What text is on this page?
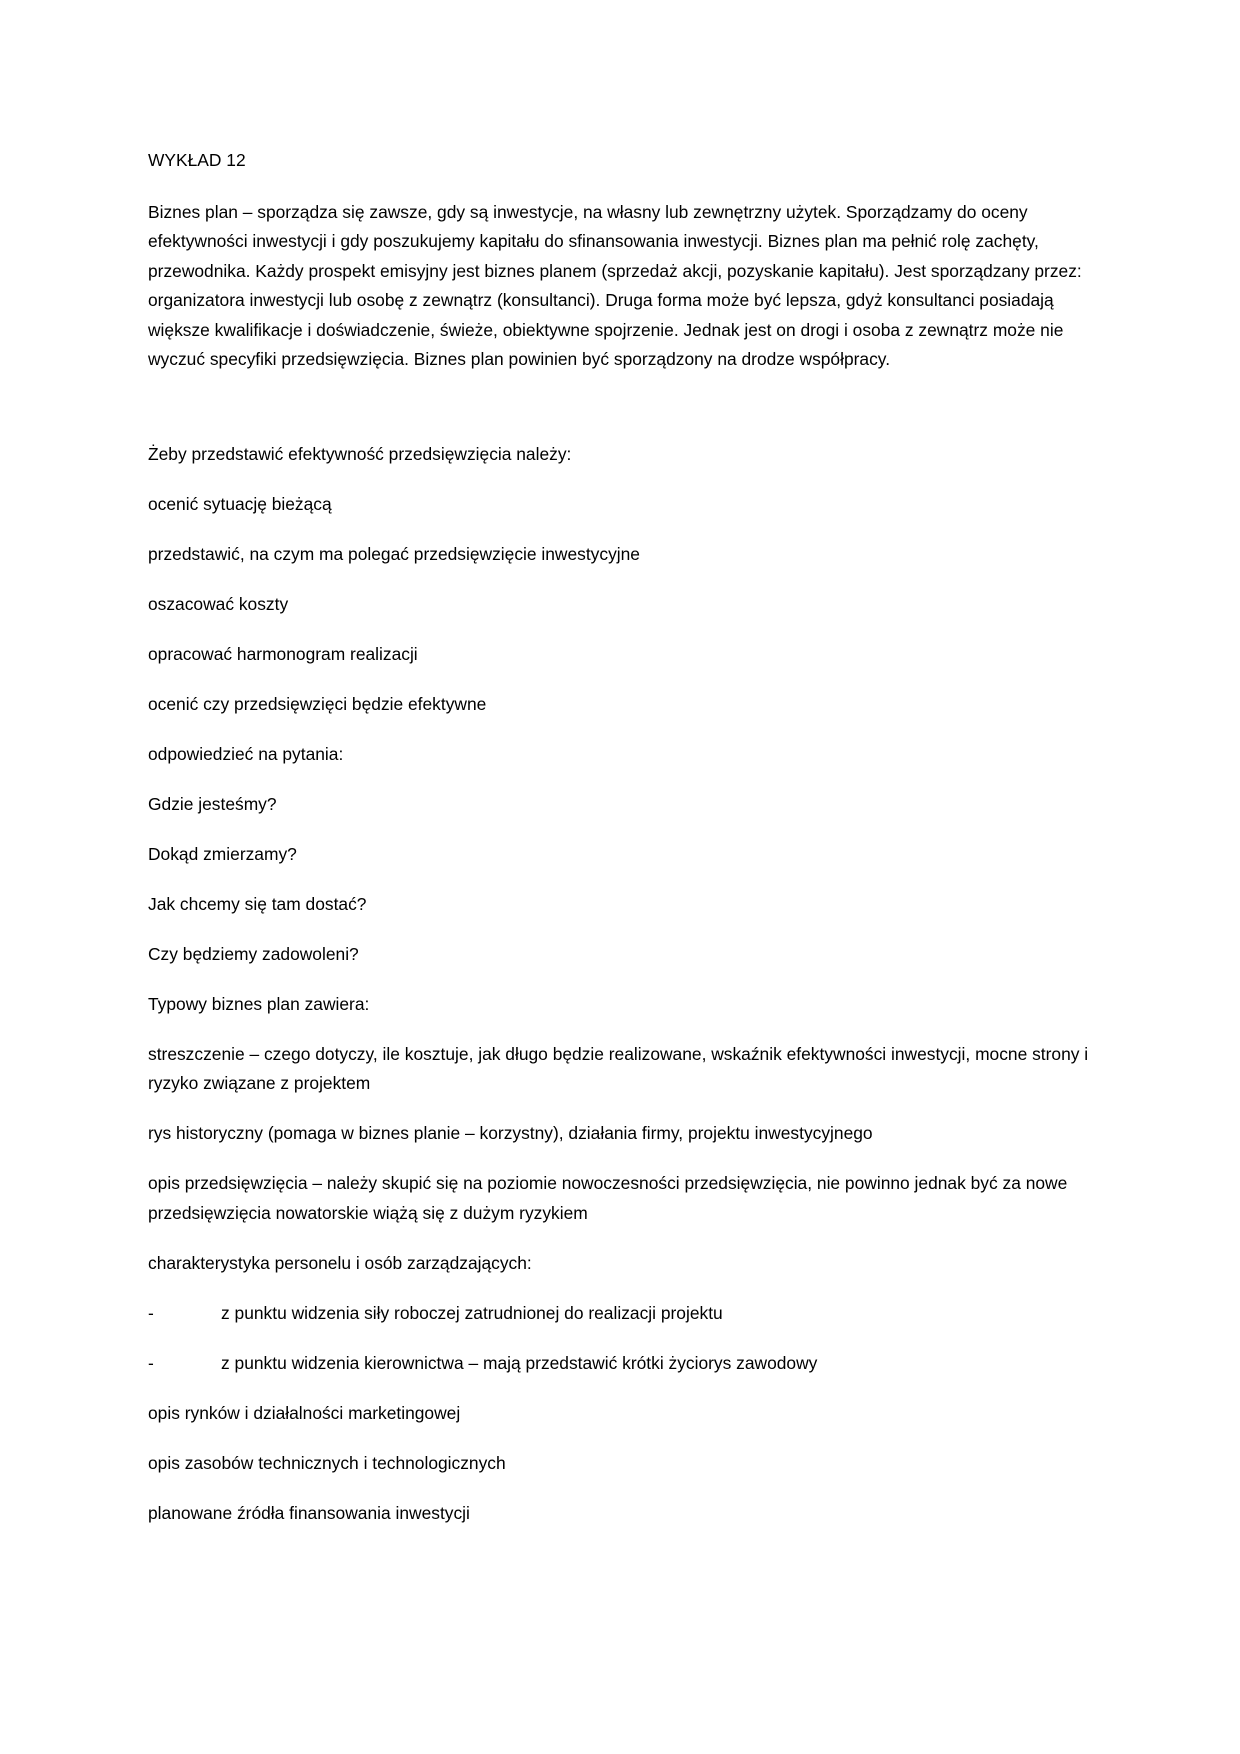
WYKŁAD 12

Biznes plan – sporządza się zawsze, gdy są inwestycje, na własny lub zewnętrzny użytek. Sporządzamy do oceny efektywności inwestycji i gdy poszukujemy kapitału do sfinansowania inwestycji. Biznes plan ma pełnić rolę zachęty, przewodnika. Każdy prospekt emisyjny jest biznes planem (sprzedaż akcji, pozyskanie kapitału). Jest sporządzany przez: organizatora inwestycji lub osobę z zewnątrz (konsultanci). Druga forma może być lepsza, gdyż konsultanci posiadają większe kwalifikacje i doświadczenie, świeże, obiektywne spojrzenie. Jednak jest on drogi i osoba z zewnątrz może nie wyczuć specyfiki przedsięwzięcia. Biznes plan powinien być sporządzony na drodze współpracy.

Żeby przedstawić efektywność przedsięwzięcia należy:

ocenić sytuację bieżącą

przedstawić, na czym ma polegać przedsięwzięcie inwestycyjne

oszacować koszty

opracować harmonogram realizacji

ocenić czy przedsięwzięci będzie efektywne

odpowiedzieć na pytania:

Gdzie jesteśmy?

Dokąd zmierzamy?

Jak chcemy się tam dostać?

Czy będziemy zadowoleni?

Typowy biznes plan zawiera:

streszczenie – czego dotyczy, ile kosztuje, jak długo będzie realizowane, wskaźnik efektywności inwestycji, mocne strony i ryzyko związane z projektem

rys historyczny (pomaga w biznes planie – korzystny), działania firmy, projektu inwestycyjnego

opis przedsięwzięcia – należy skupić się na poziomie nowoczesności przedsięwzięcia, nie powinno jednak być za nowe przedsięwzięcia nowatorskie wiążą się z dużym ryzykiem

charakterystyka personelu i osób zarządzających:

-	z punktu widzenia siły roboczej zatrudnionej do realizacji projektu

-	z punktu widzenia kierownictwa – mają przedstawić krótki życiorys zawodowy

opis rynków i działalności marketingowej

opis zasobów technicznych i technologicznych

planowane źródła finansowania inwestycji
